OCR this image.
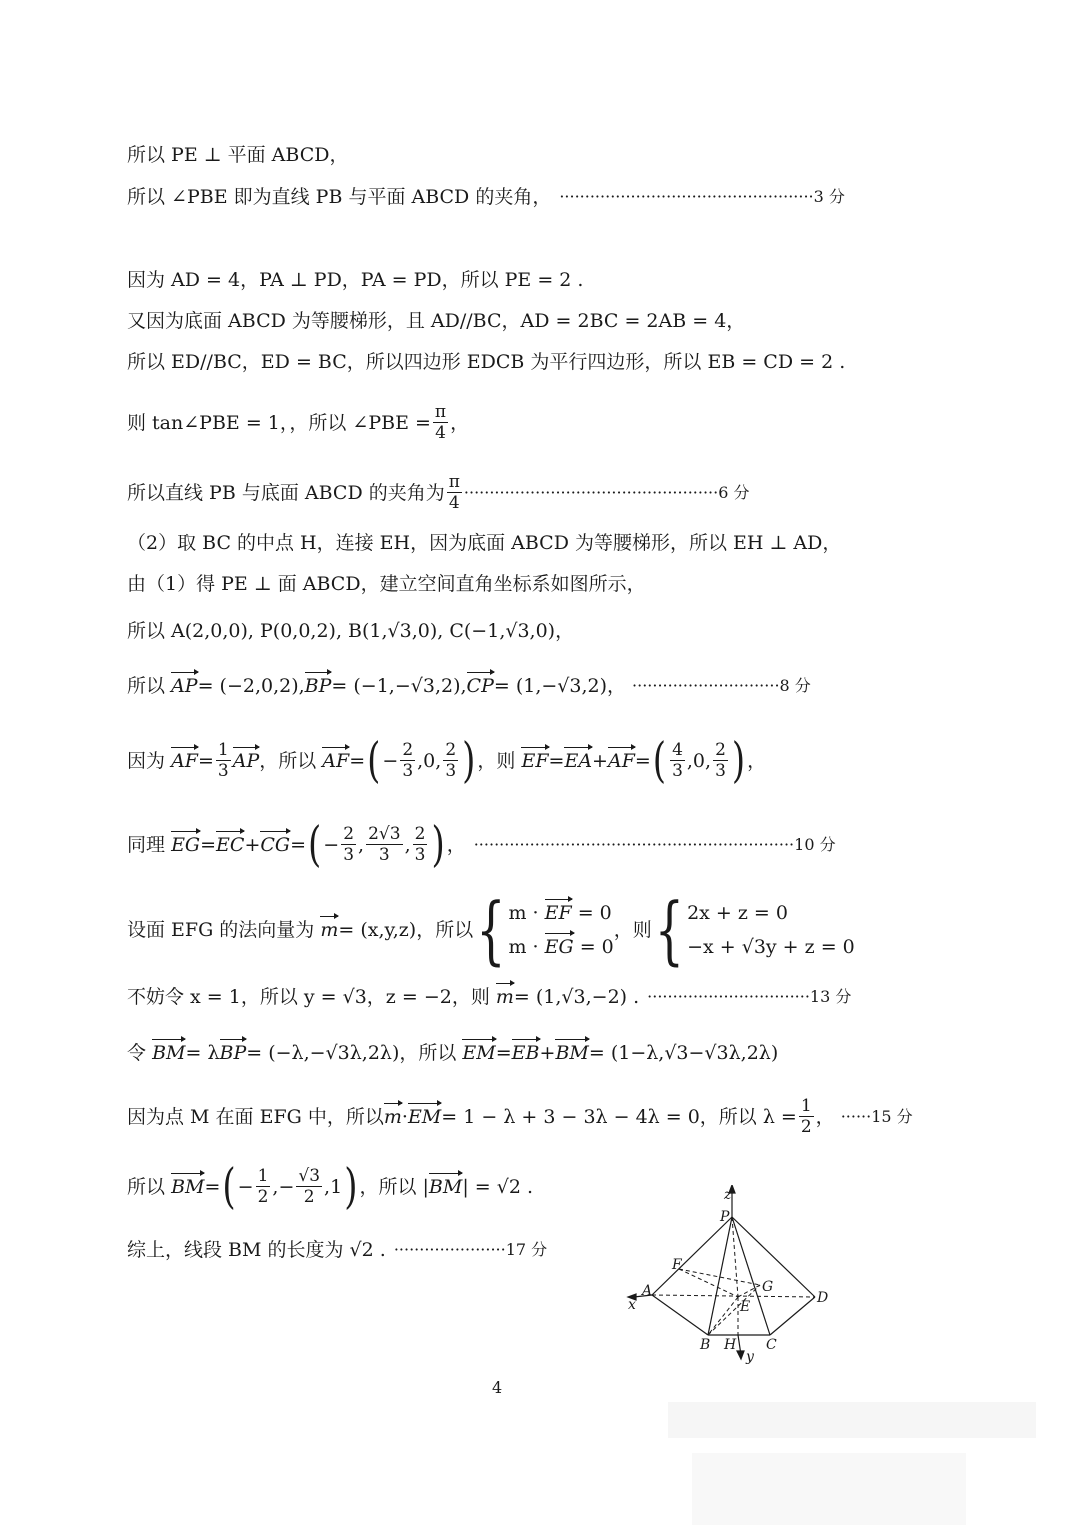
所以 PE ⊥ 平面 ABCD，
所以 ∠PBE 即为直线 PB 与平面 ABCD 的夹角， ··················································3 分
因为 AD = 4，PA ⊥ PD，PA = PD，所以 PE = 2 .
又因为底面 ABCD 为等腰梯形，且 AD//BC，AD = 2BC = 2AB = 4，
所以 ED//BC，ED = BC，所以四边形 EDCB 为平行四边形，所以 EB = CD = 2 .
则 tan∠PBE = 1，，所以 ∠PBE = $\frac{\pi}{4}$ ，
所以直线 PB 与底面 ABCD 的夹角为 $\frac{\pi}{4} \cdot\cdot\cdot\cdot\cdot\cdot\cdot\cdot\cdot\cdot\cdot\cdot\cdot\cdot\cdot\cdot\cdot\cdot\cdot\cdot\cdot\cdot\cdot\cdot\cdot\cdot\cdot\cdot\cdot\cdot\cdot\cdot\cdot\cdot\cdot\cdot\cdot\cdot\cdot\cdot\cdot\cdot\cdot\cdot\cdot\cdot\cdot\cdot\cdot\cdot 6$ 分
（2）取 BC 的中点 H，连接 EH，因为底面 ABCD 为等腰梯形，所以 EH ⊥ AD，
由（1）得 PE ⊥ 面 ABCD，建立空间直角坐标系如图所示，
所以 A(2,0,0), P(0,0,2), B(1,√3,0), C(−1,√3,0)，
所以
AP = (−2,0,2), BP = (−1,−√3,2), CP = (1,−√3,2)， ·····························8 分
因为
AF = $\frac{1}{3}$ AP ，所以
AF = ( − $\frac{2}{3} ,0$, $\frac{2}{3}$ ) ，则
EF = EA + AF = ( $\frac{4}{3} ,0$, $\frac{2}{3}$ ) ，
同理
EG = EC + CG = ( − $\frac{2}{3}$ , $\frac{2√3}{3}$ , $\frac{2}{3}$ ) ， ·······························································10 分
设面 EFG 的法向量为
m = (x,y,z)，所以 { m · EF = 0
m · EG = 0
，则 { 2x + z = 0
−x + √3y + z = 0
不妨令 x = 1，所以 y = √3，z = −2，则
m = (1,√3,−2) . ································13 分
令
BM = λ BP = (−λ,−√3λ,2λ)，所以
EM = EB + BM = (1−λ,√3−√3λ,2λ)
因为点 M 在面 EFG 中，所以 m · EM = 1 − λ + 3 − 3λ − 4λ = 0，所以 $\lambda = \frac{1}{2}$ ， ······15 分
所以
BM = ( − $\frac{1}{2}$ ,− $\frac{√3}{2} ,1$ ) ，所以 | BM | = √2 .
综上，线段 BM 的长度为 √2 . ······················17 分
z
P
F
G
A
E
D
x
B H C
y
4
